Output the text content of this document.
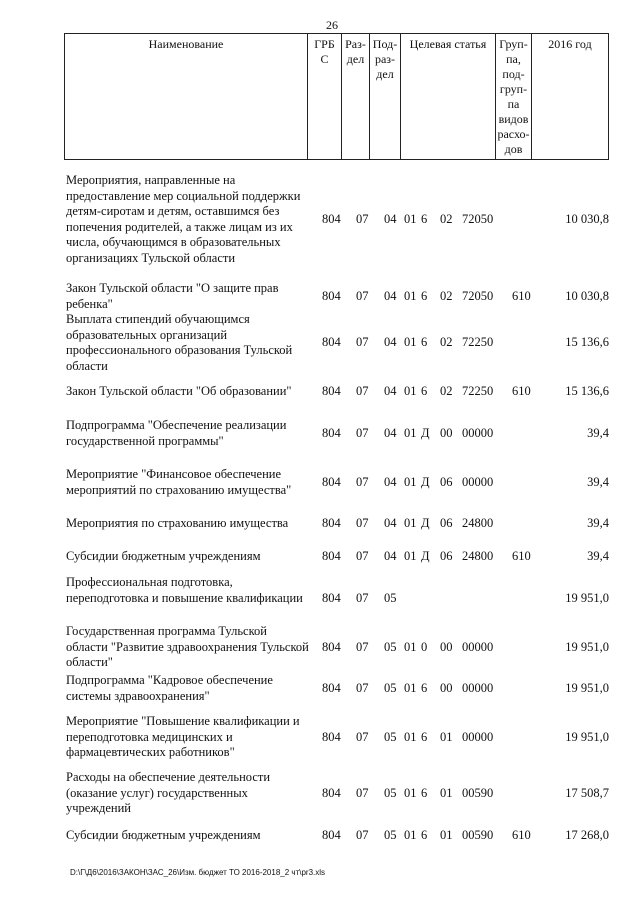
26
Наименование	ГРБ
С
Раз-
дел
Под-
раз-
дел
Целевая статья	Груп-
па,
под-
груп-
па
видов
расхо-
дов
2016 год
Мероприятия, направленные на предоставление мер социальной поддержки детям-сиротам и детям, оставшимся без попечения родителей, а также лицам из их числа, обучающимся в образовательных организациях Тульской области
804 07 04 01 6 02 72050	10 030,8
Закон Тульской области "О защите прав ребенка"
804 07 04 01 6 02 72050 610	10 030,8
Выплата стипендий обучающимся образовательных организаций профессионального образования Тульской области
804 07 04 01 6 02 72250	15 136,6
Закон Тульской области "Об образовании"	804 07 04 01 6 02 72250 610	15 136,6
Подпрограмма "Обеспечение реализации государственной программы"
804 07 04 01 Д 00 00000	39,4
Мероприятие "Финансовое обеспечение мероприятий по страхованию имущества"
804 07 04 01 Д 06 00000	39,4
Мероприятия по страхованию имущества	804 07 04 01 Д 06 24800	39,4
Субсидии бюджетным учреждениям	804 07 04 01 Д 06 24800 610	39,4
Профессиональная подготовка, переподготовка и повышение квалификации	804 07 05	19 951,0
Государственная программа Тульской области "Развитие здравоохранения Тульской области"
804 07 05 01 0 00 00000	19 951,0
Подпрограмма "Кадровое обеспечение системы здравоохранения"
804 07 05 01 6 00 00000	19 951,0
Мероприятие "Повышение квалификации и переподготовка медицинских и фармацевтических работников"
804 07 05 01 6 01 00000	19 951,0
Расходы на обеспечение деятельности (оказание услуг) государственных учреждений
804 07 05 01 6 01 00590	17 508,7
Субсидии бюджетным учреждениям	804 07 05 01 6 01 00590 610	17 268,0
D:\Г\Д6\2016\ЗАКОН\ЗАС_26\Изм. бюджет ТО 2016-2018_2 чт\pr3.xls
